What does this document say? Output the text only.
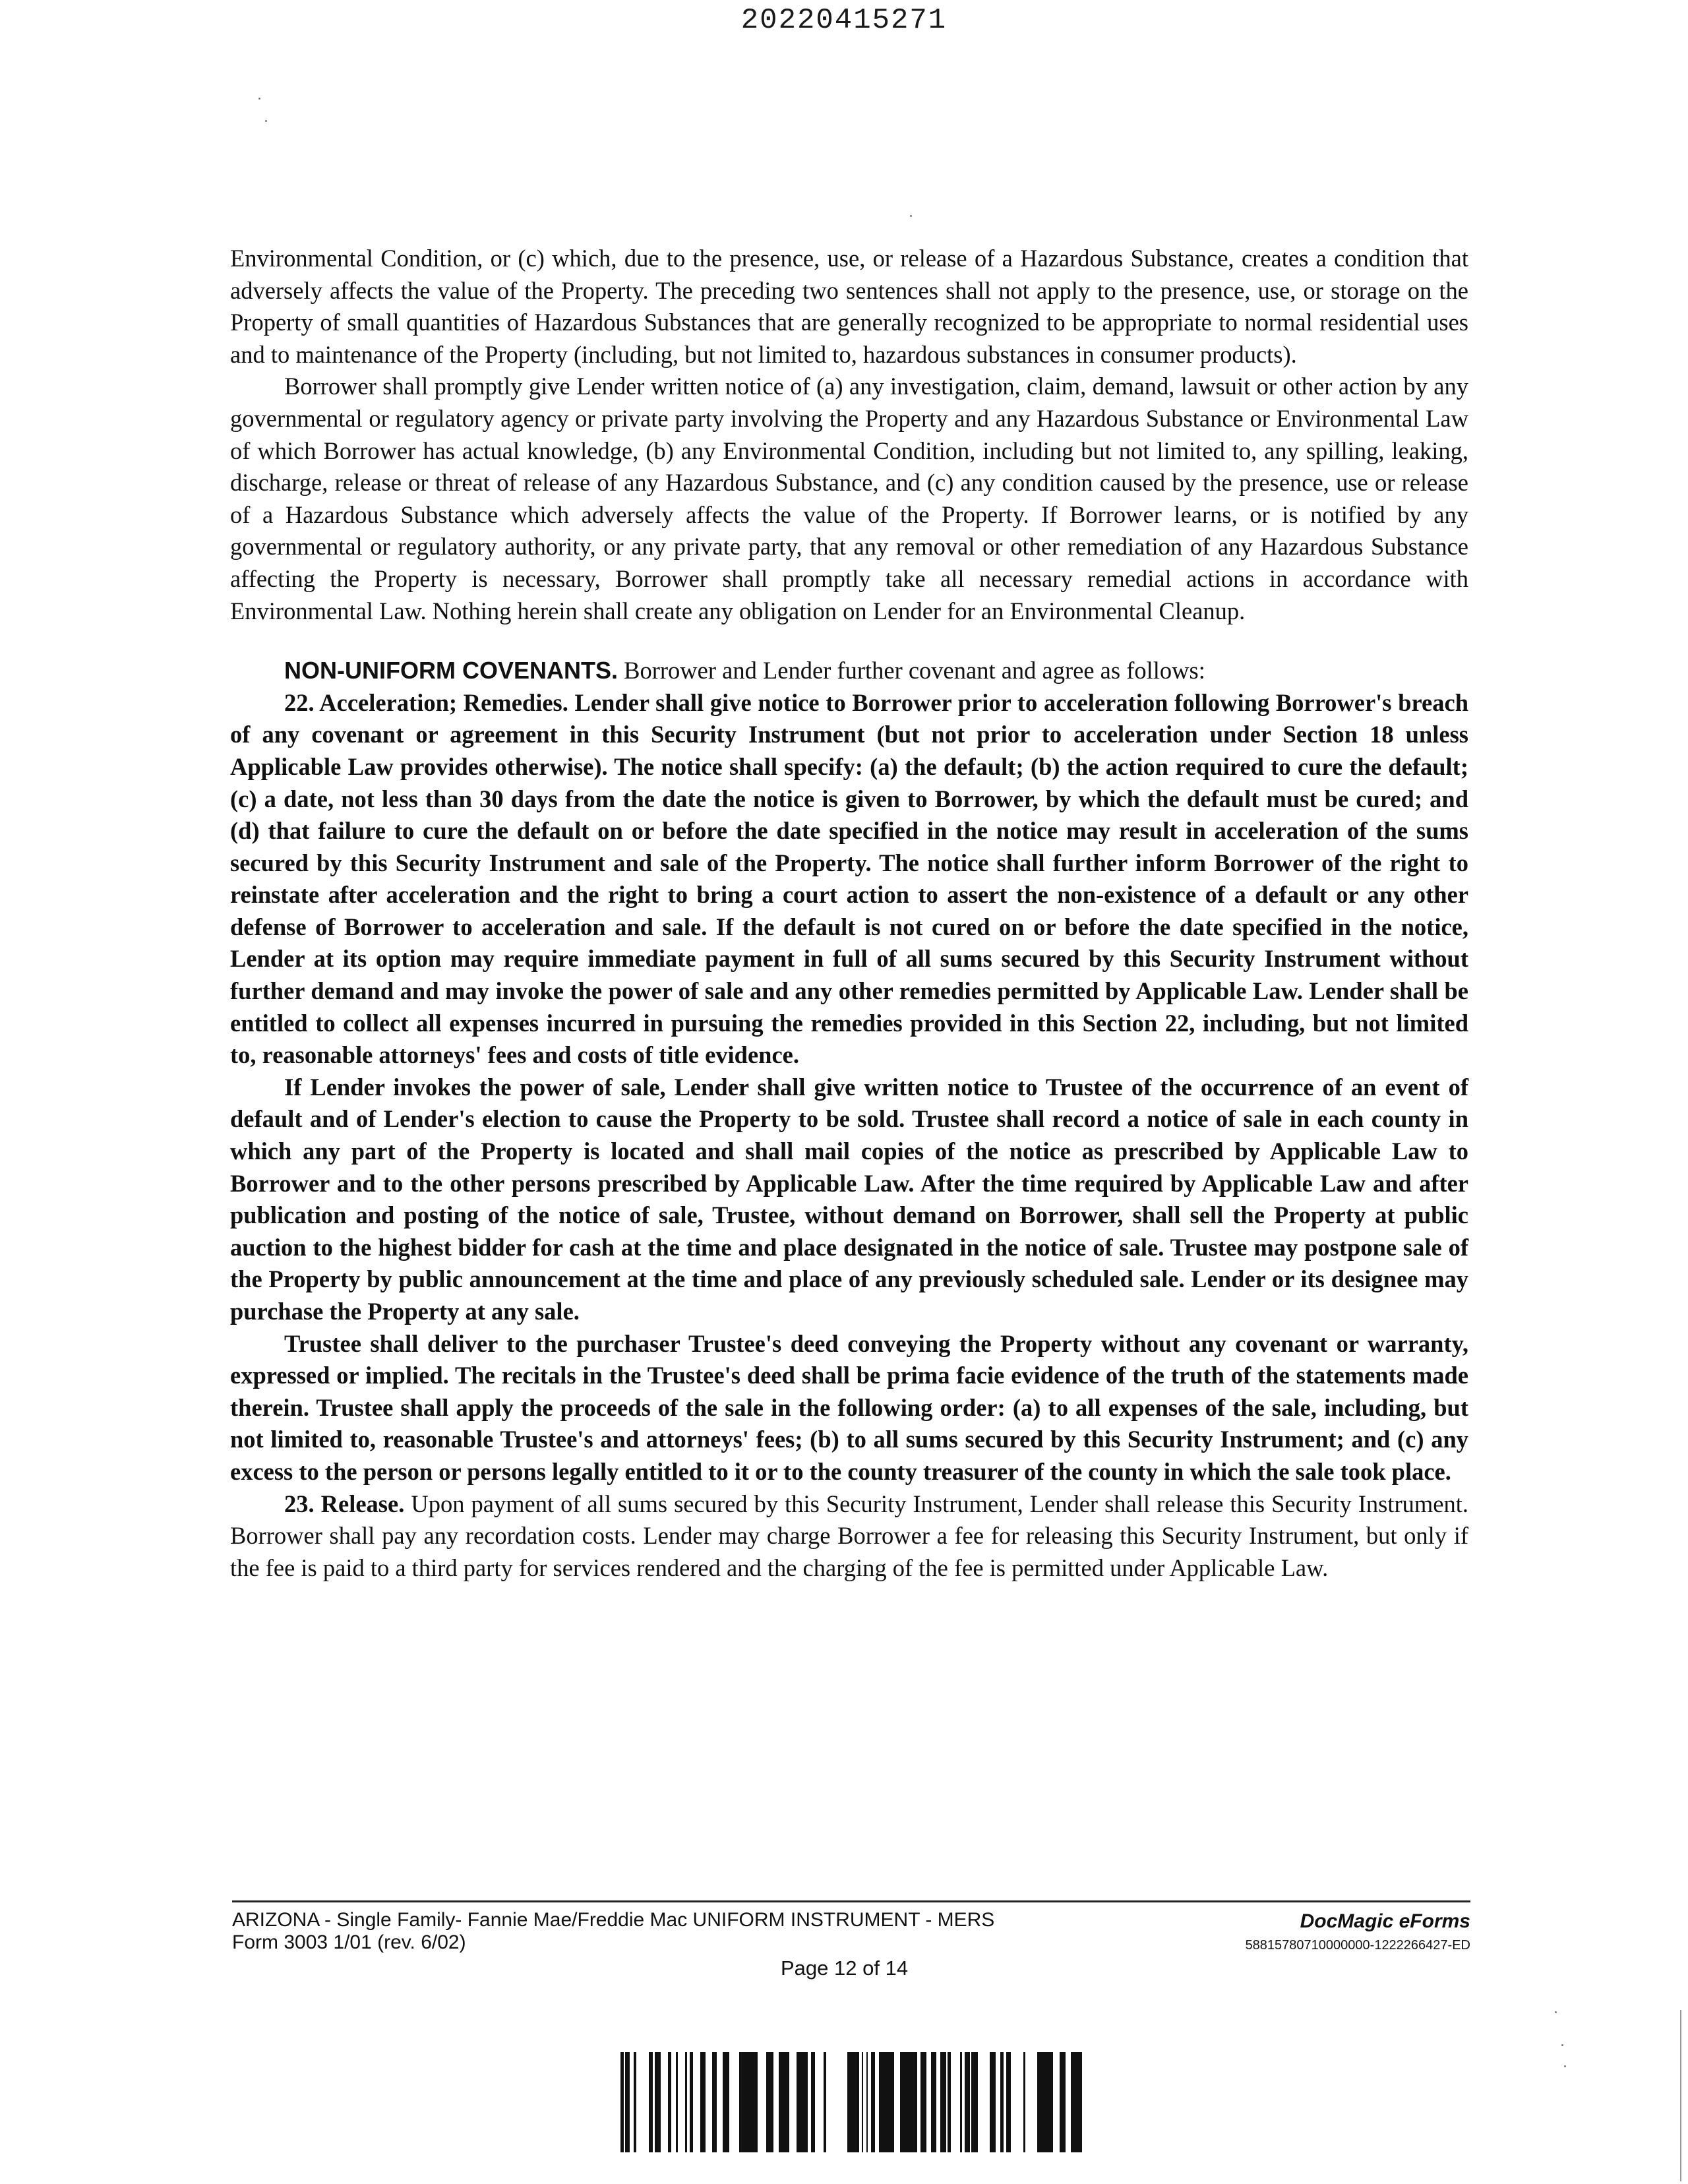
20220415271

Environmental Condition, or (c) which, due to the presence, use, or release of a Hazardous Substance, creates a condition that adversely affects the value of the Property. The preceding two sentences shall not apply to the presence, use, or storage on the Property of small quantities of Hazardous Substances that are generally recognized to be appropriate to normal residential uses and to maintenance of the Property (including, but not limited to, hazardous substances in consumer products).

Borrower shall promptly give Lender written notice of (a) any investigation, claim, demand, lawsuit or other action by any governmental or regulatory agency or private party involving the Property and any Hazardous Substance or Environmental Law of which Borrower has actual knowledge, (b) any Environmental Condition, including but not limited to, any spilling, leaking, discharge, release or threat of release of any Hazardous Substance, and (c) any condition caused by the presence, use or release of a Hazardous Substance which adversely affects the value of the Property. If Borrower learns, or is notified by any governmental or regulatory authority, or any private party, that any removal or other remediation of any Hazardous Substance affecting the Property is necessary, Borrower shall promptly take all necessary remedial actions in accordance with Environmental Law. Nothing herein shall create any obligation on Lender for an Environmental Cleanup.

NON-UNIFORM COVENANTS. Borrower and Lender further covenant and agree as follows:

22. Acceleration; Remedies. Lender shall give notice to Borrower prior to acceleration following Borrower's breach of any covenant or agreement in this Security Instrument (but not prior to acceleration under Section 18 unless Applicable Law provides otherwise). The notice shall specify: (a) the default; (b) the action required to cure the default; (c) a date, not less than 30 days from the date the notice is given to Borrower, by which the default must be cured; and (d) that failure to cure the default on or before the date specified in the notice may result in acceleration of the sums secured by this Security Instrument and sale of the Property. The notice shall further inform Borrower of the right to reinstate after acceleration and the right to bring a court action to assert the non-existence of a default or any other defense of Borrower to acceleration and sale. If the default is not cured on or before the date specified in the notice, Lender at its option may require immediate payment in full of all sums secured by this Security Instrument without further demand and may invoke the power of sale and any other remedies permitted by Applicable Law. Lender shall be entitled to collect all expenses incurred in pursuing the remedies provided in this Section 22, including, but not limited to, reasonable attorneys' fees and costs of title evidence.

If Lender invokes the power of sale, Lender shall give written notice to Trustee of the occurrence of an event of default and of Lender's election to cause the Property to be sold. Trustee shall record a notice of sale in each county in which any part of the Property is located and shall mail copies of the notice as prescribed by Applicable Law to Borrower and to the other persons prescribed by Applicable Law. After the time required by Applicable Law and after publication and posting of the notice of sale, Trustee, without demand on Borrower, shall sell the Property at public auction to the highest bidder for cash at the time and place designated in the notice of sale. Trustee may postpone sale of the Property by public announcement at the time and place of any previously scheduled sale. Lender or its designee may purchase the Property at any sale.

Trustee shall deliver to the purchaser Trustee's deed conveying the Property without any covenant or warranty, expressed or implied. The recitals in the Trustee's deed shall be prima facie evidence of the truth of the statements made therein. Trustee shall apply the proceeds of the sale in the following order: (a) to all expenses of the sale, including, but not limited to, reasonable Trustee's and attorneys' fees; (b) to all sums secured by this Security Instrument; and (c) any excess to the person or persons legally entitled to it or to the county treasurer of the county in which the sale took place.

23. Release. Upon payment of all sums secured by this Security Instrument, Lender shall release this Security Instrument. Borrower shall pay any recordation costs. Lender may charge Borrower a fee for releasing this Security Instrument, but only if the fee is paid to a third party for services rendered and the charging of the fee is permitted under Applicable Law.

ARIZONA - Single Family- Fannie Mae/Freddie Mac UNIFORM INSTRUMENT - MERS
Form 3003 1/01 (rev. 6/02)
DocMagic eForms
58815780710000000-1222266427-ED
Page 12 of 14
